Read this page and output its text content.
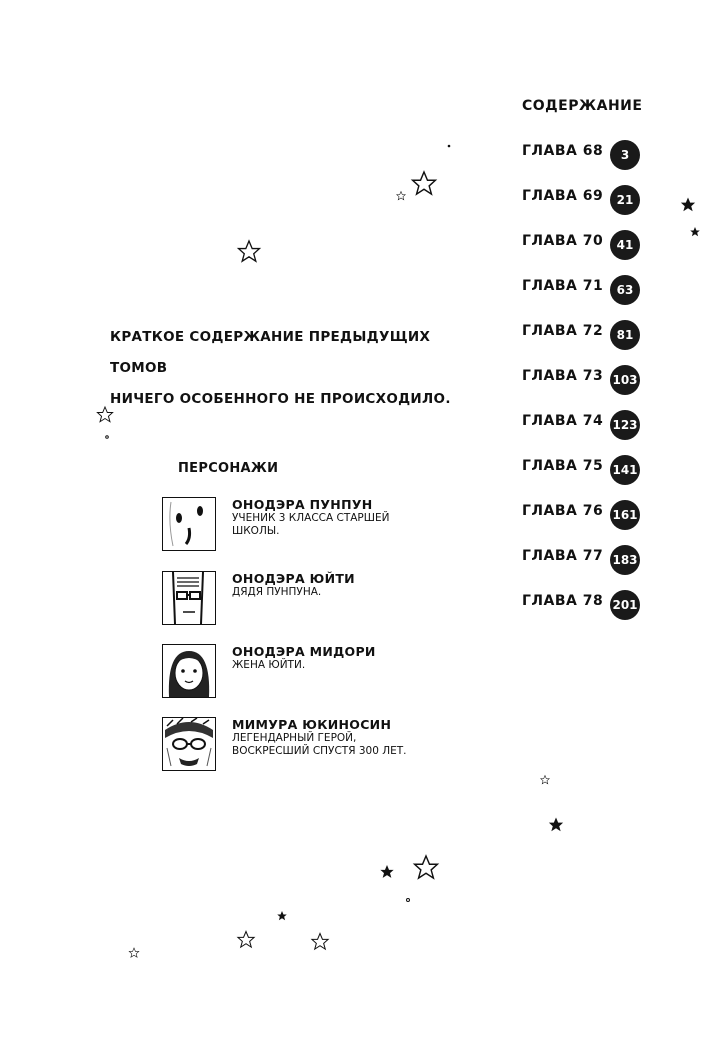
СОДЕРЖАНИЕ
ГЛАВА 68	3
ГЛАВА 69	21
ГЛАВА 70	41
ГЛАВА 71	63
ГЛАВА 72	81
ГЛАВА 73 103
ГЛАВА 74 123
ГЛАВА 75 141
ГЛАВА 76 161
ГЛАВА 77 183
ГЛАВА 78 201
КРАТКОЕ СОДЕРЖАНИЕ ПРЕДЫДУЩИХ ТОМОВ
НИЧЕГО ОСОБЕННОГО НЕ ПРОИСХОДИЛО.
ПЕРСОНАЖИ
ОНОДЭРА ПУНПУН
УЧЕНИК 3 КЛАССА СТАРШЕЙ ШКОЛЫ.
ОНОДЭРА ЮЙТИ
ДЯДЯ ПУНПУНА.
ОНОДЭРА МИДОРИ
ЖЕНА ЮЙТИ.
МИМУРА ЮКИНОСИН
ЛЕГЕНДАРНЫЙ ГЕРОЙ, ВОСКРЕСШИЙ СПУСТЯ 300 ЛЕТ.
